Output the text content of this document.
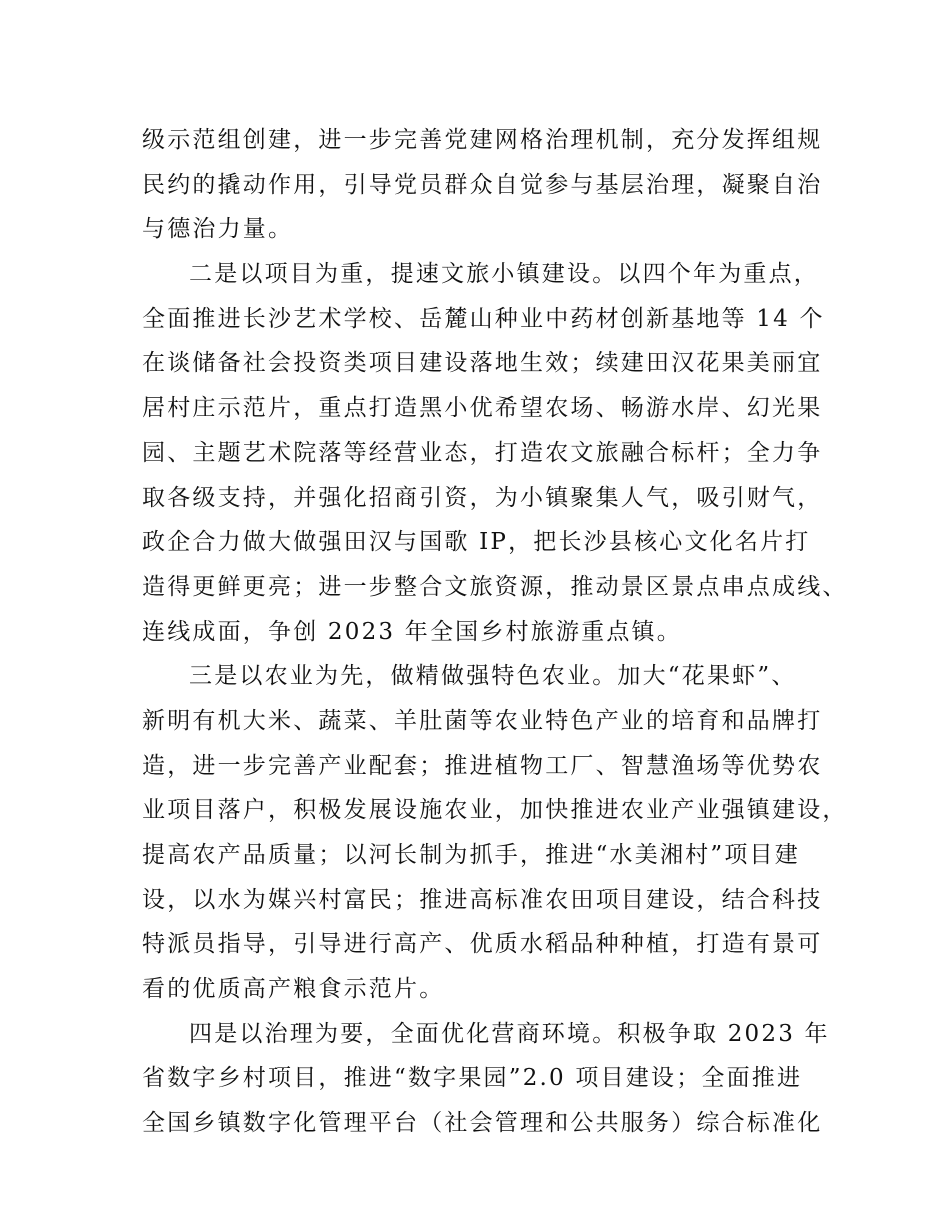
级示范组创建，进一步完善党建网格治理机制，充分发挥组规
民约的撬动作用，引导党员群众自觉参与基层治理，凝聚自治
与德治力量。
二是以项目为重，提速文旅小镇建设。以四个年为重点，
全面推进长沙艺术学校、岳麓山种业中药材创新基地等 14 个
在谈储备社会投资类项目建设落地生效；续建田汉花果美丽宜
居村庄示范片，重点打造黑小优希望农场、畅游水岸、幻光果
园、主题艺术院落等经营业态，打造农文旅融合标杆；全力争
取各级支持，并强化招商引资，为小镇聚集人气，吸引财气，
政企合力做大做强田汉与国歌 IP，把长沙县核心文化名片打
造得更鲜更亮；进一步整合文旅资源，推动景区景点串点成线、
连线成面，争创 2023 年全国乡村旅游重点镇。
三是以农业为先，做精做强特色农业。加大“花果虾”、
新明有机大米、蔬菜、羊肚菌等农业特色产业的培育和品牌打
造，进一步完善产业配套；推进植物工厂、智慧渔场等优势农
业项目落户，积极发展设施农业，加快推进农业产业强镇建设，
提高农产品质量；以河长制为抓手，推进“水美湘村”项目建
设，以水为媒兴村富民；推进高标准农田项目建设，结合科技
特派员指导，引导进行高产、优质水稻品种种植，打造有景可
看的优质高产粮食示范片。
四是以治理为要，全面优化营商环境。积极争取 2023 年
省数字乡村项目，推进“数字果园”2.0 项目建设；全面推进
全国乡镇数字化管理平台（社会管理和公共服务）综合标准化
